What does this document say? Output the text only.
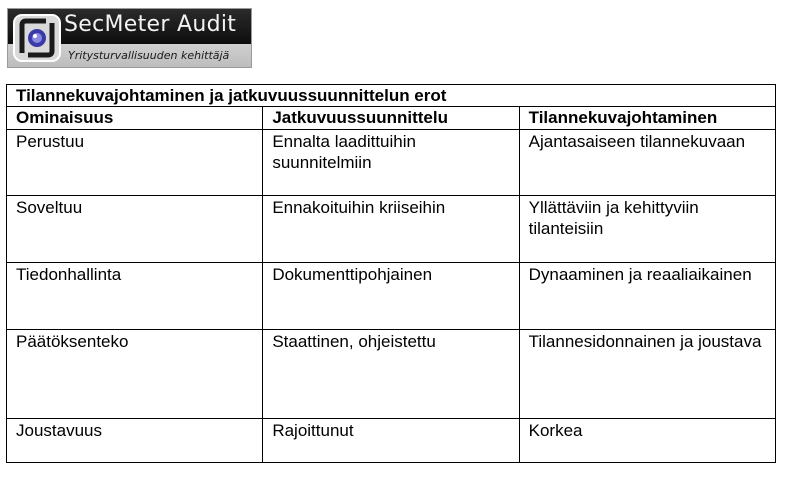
SecMeter Audit
Yritysturvallisuuden kehittäjä
Tilannekuvajohtaminen ja jatkuvuussuunnittelun erot		
Ominaisuus	Jatkuvuussuunnittelu	Tilannekuvajohtaminen

Perustuu	Ennalta laadittuihin suunnitelmiin	Ajantasaiseen tilannekuvaan

Soveltuu	Ennakoituihin kriiseihin	Yllättäviin ja kehittyviin tilanteisiin

Tiedonhallinta	Dokumenttipohjainen	Dynaaminen ja reaaliaikainen

Päätöksenteko	Staattinen, ohjeistettu	Tilannesidonnainen ja joustava

Joustavuus	Rajoittunut	Korkea
